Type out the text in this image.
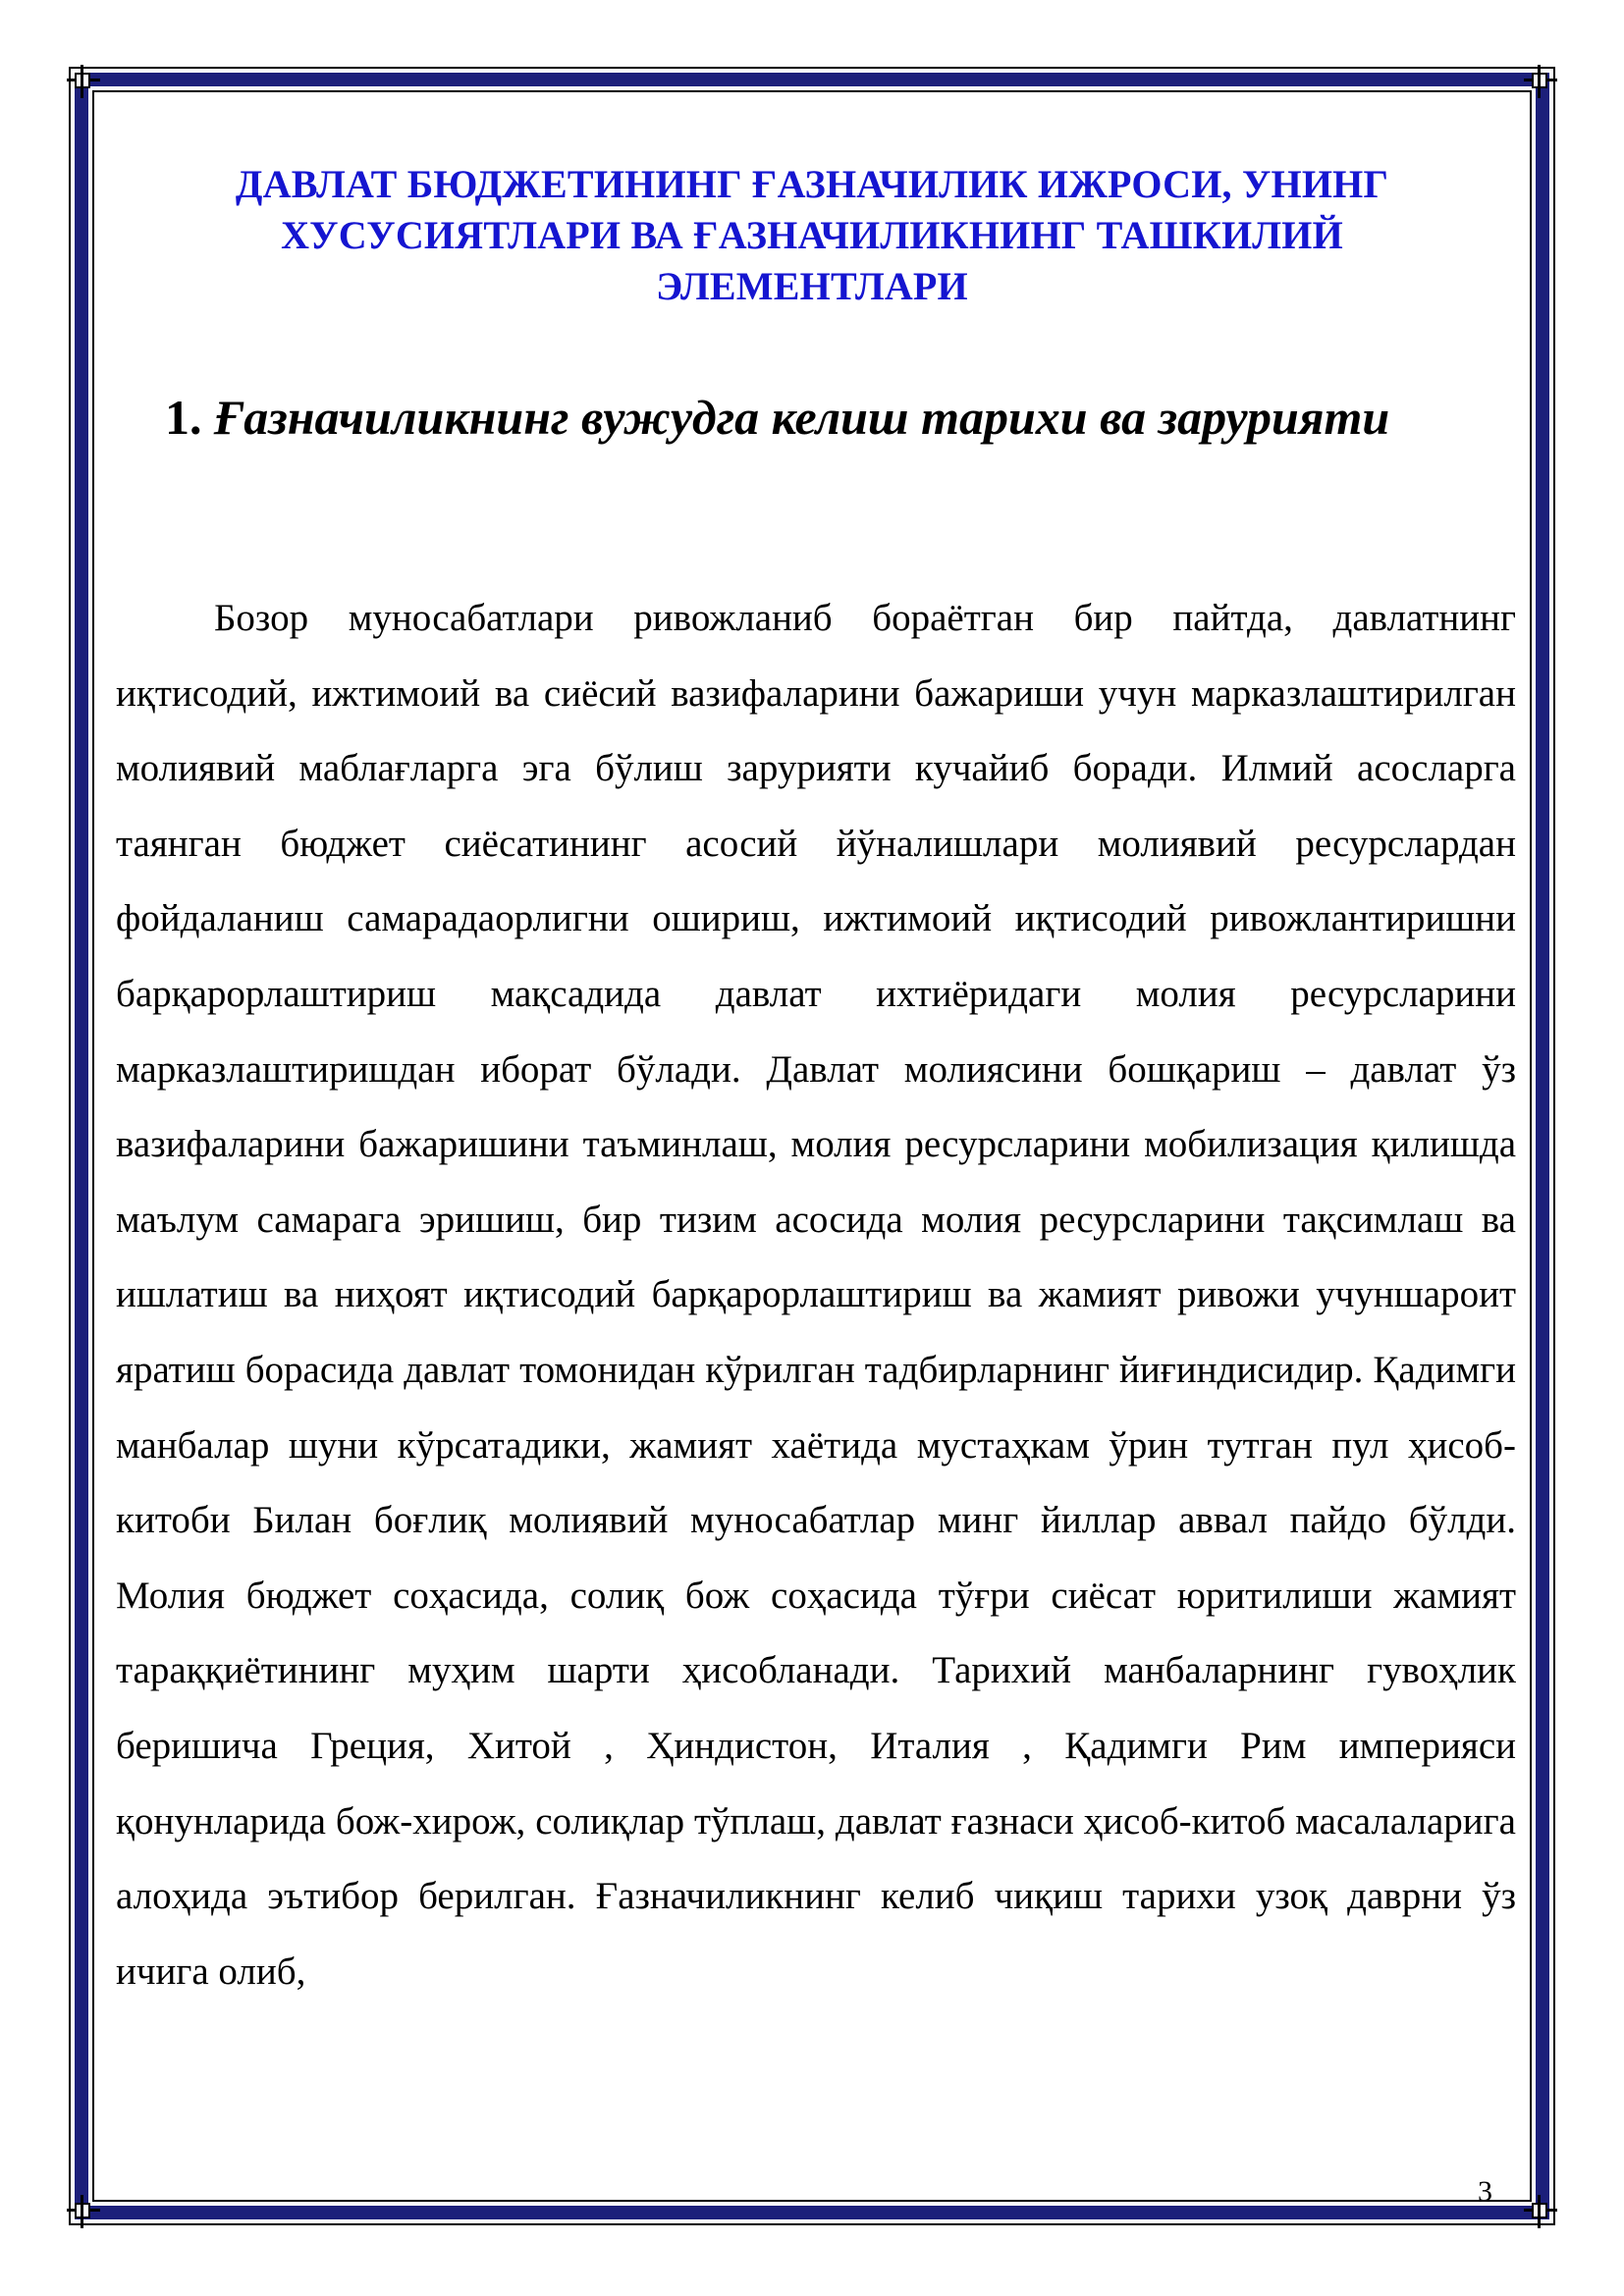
ДАВЛАТ БЮДЖЕТИНИНГ ҒАЗНАЧИЛИК ИЖРОСИ, УНИНГ
ХУСУСИЯТЛАРИ ВА ҒАЗНАЧИЛИКНИНГ ТАШКИЛИЙ
ЭЛЕМЕНТЛАРИ
1. Ғазначиликнинг вужудга келиш тарихи ва зарурияти

Бозор муносабатлари ривожланиб бораётган бир пайтда, давлатнинг иқтисодий, ижтимоий ва сиёсий вазифаларини бажариши учун марказлаштирилган молиявий маблағларга эга бўлиш зарурияти кучайиб боради. Илмий асосларга таянган бюджет сиёсатининг асосий йўналишлари молиявий ресурслардан фойдаланиш самарадаорлигни ошириш, ижтимоий иқтисодий ривожлантиришни барқарорлаштириш мақсадида давлат ихтиёридаги молия ресурсларини марказлаштиришдан иборат бўлади. Давлат молиясини бошқариш – давлат ўз вазифаларини бажаришини таъминлаш, молия ресурсларини мобилизация қилишда маълум самарага эришиш, бир тизим асосида молия ресурсларини тақсимлаш ва ишлатиш ва ниҳоят иқтисодий барқарорлаштириш ва жамият ривожи учуншароит яратиш борасида давлат томонидан кўрилган тадбирларнинг йиғиндисидир. Қадимги манбалар шуни кўрсатадики, жамият хаётида мустаҳкам ўрин тутган пул ҳисоб-китоби Билан боғлиқ молиявий муносабатлар минг йиллар аввал пайдо бўлди. Молия бюджет соҳасида, солиқ бож соҳасида тўғри сиёсат юритилиши жамият тараққиётининг муҳим шарти ҳисобланади. Тарихий манбаларнинг гувоҳлик беришича Греция, Хитой , Ҳиндистон, Италия , Қадимги Рим империяси қонунларида бож-хирож, солиқлар тўплаш, давлат ғазнаси ҳисоб-китоб масалаларига алоҳида эътибор берилган. Ғазначиликнинг келиб чиқиш тарихи узоқ даврни ўз ичига олиб,

3
